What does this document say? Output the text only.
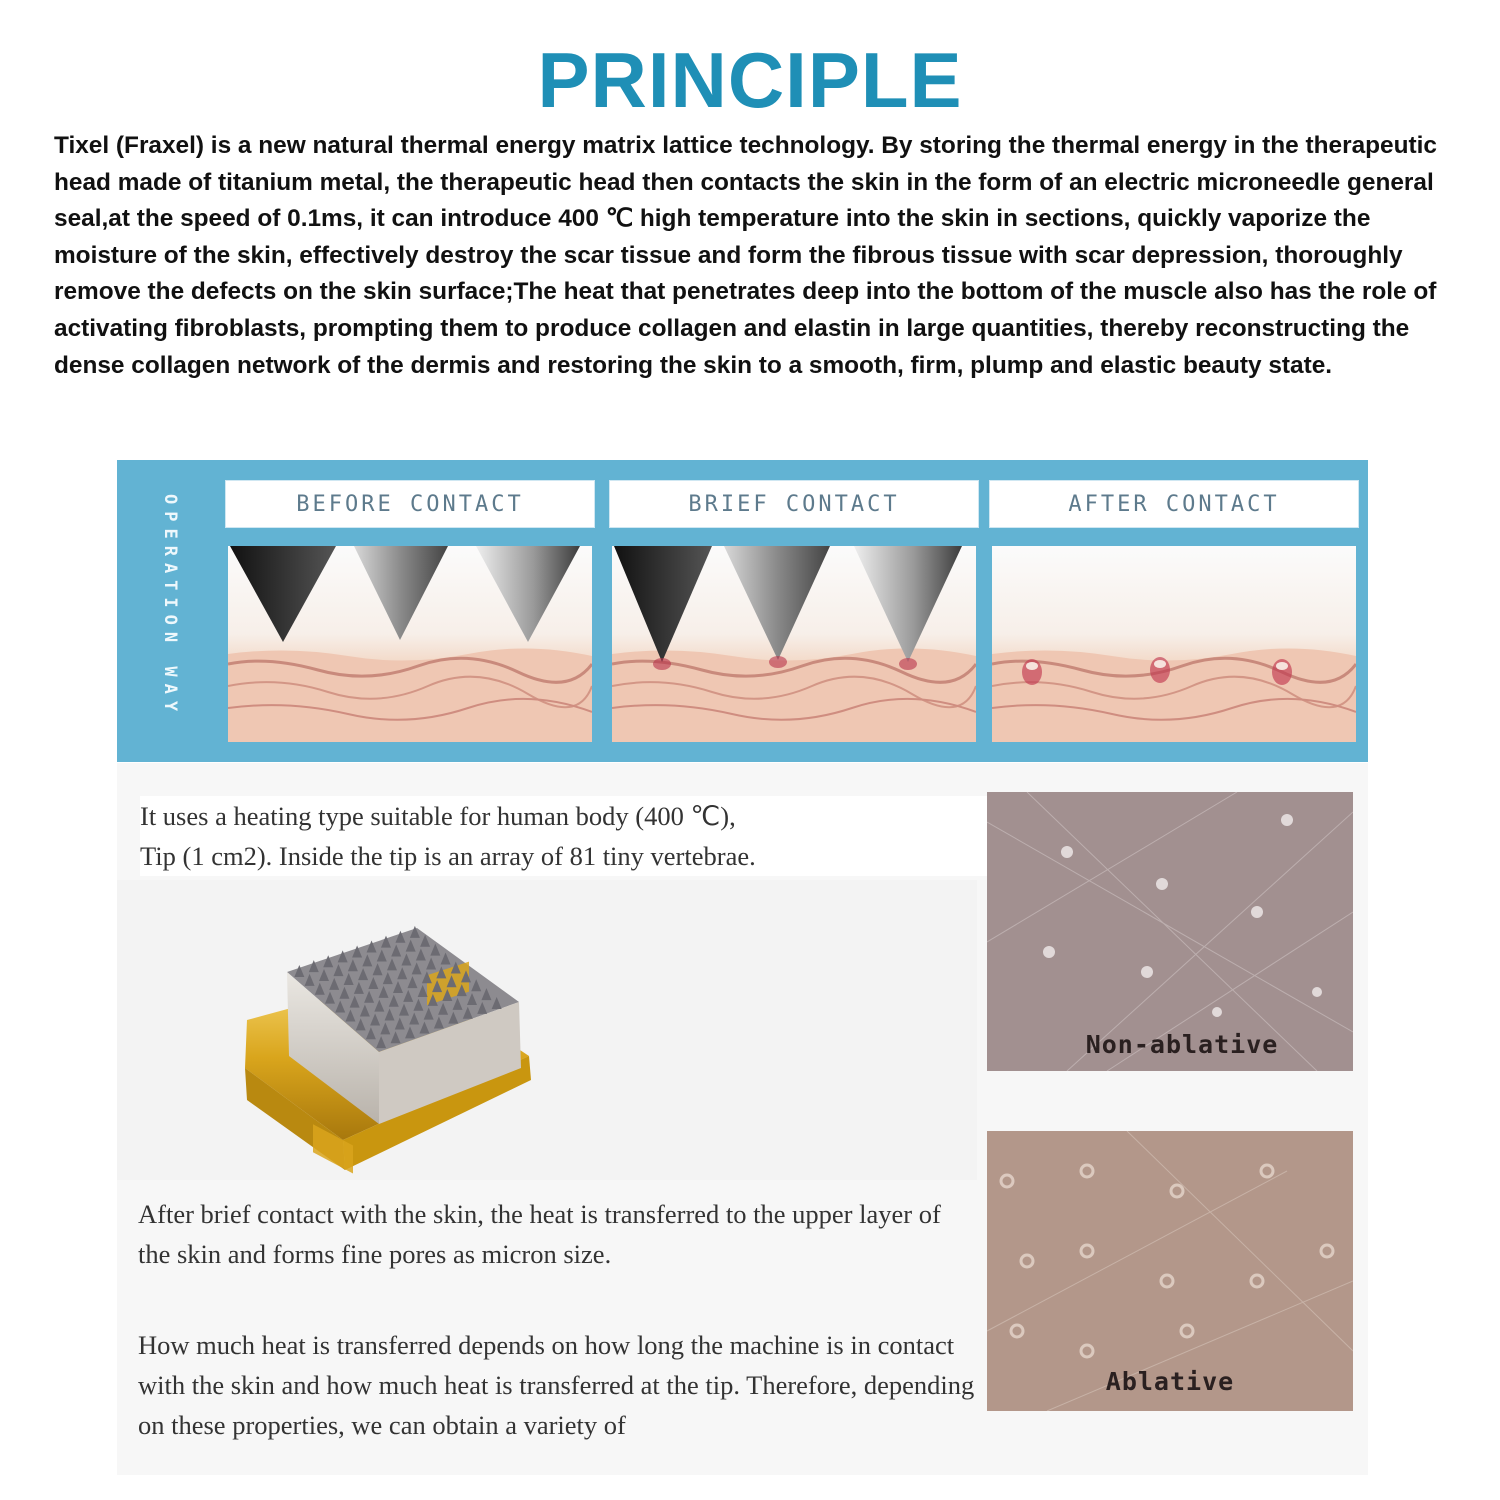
PRINCIPLE

Tixel (Fraxel) is a new natural thermal energy matrix lattice technology. By storing the thermal energy in the therapeutic head made of titanium metal, the therapeutic head then contacts the skin in the form of an electric microneedle general seal,at the speed of 0.1ms, it can introduce 400 ℃ high temperature into the skin in sections, quickly vaporize the moisture of the skin, effectively destroy the scar tissue and form the fibrous tissue with scar depression, thoroughly remove the defects on the skin surface;The heat that penetrates deep into the bottom of the muscle also has the role of activating fibroblasts, prompting them to produce collagen and elastin in large quantities, thereby reconstructing the dense collagen network of the dermis and restoring the skin to a smooth, firm, plump and elastic beauty state.

OPERATION WAY	BEFORE CONTACT	BRIEF CONTACT	AFTER CONTACT

It uses a heating type suitable for human body (400 ℃),
Tip (1 cm2). Inside the tip is an array of 81 tiny vertebrae.

After brief contact with the skin, the heat is transferred to the upper layer of the skin and forms fine pores as micron size.

How much heat is transferred depends on how long the machine is in contact with the skin and how much heat is transferred at the tip. Therefore, depending on these properties, we can obtain a variety of

Non-ablative
Ablative
